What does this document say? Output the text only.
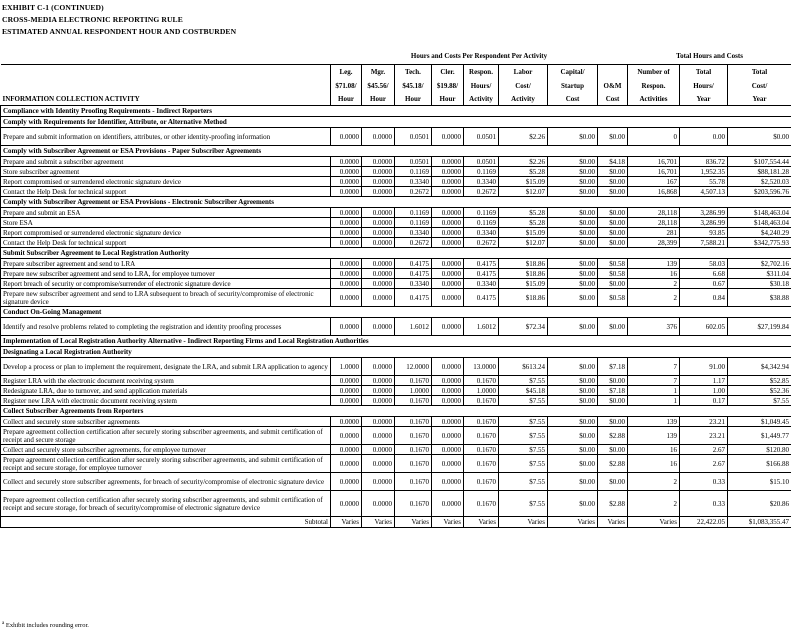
EXHIBIT C-1 (CONTINUED)
CROSS-MEDIA ELECTRONIC REPORTING RULE
ESTIMATED ANNUAL RESPONDENT HOUR AND COSTBURDEN
	Hours and Costs Per Respondent Per Activity								Total Hours and Costs		
	Leg.	Mgr.	Tech.	Cler.	Respon.	Labor	Capital/		Number of	Total	Total
	$71.08/	$45.56/	$45.18/	$19.88/	Hours/	Cost/	Startup	O&M	Respon.	Hours/	Cost/
INFORMATION COLLECTION ACTIVITY	Hour	Hour	Hour	Hour	Activity	Activity	Cost	Cost	Activities	Year	Year
Compliance with Identity Proofing Requirements - Indirect Reporters											
Comply with Requirements for Identifier, Attribute, or Alternative Method											
Prepare and submit information on identifiers, attributes, or other identity-proofing information	0.0000	0.0000	0.0501	0.0000	0.0501	$2.26	$0.00	$0.00	0	0.00	$0.00
Comply with Subscriber Agreement or ESA Provisions - Paper Subscriber Agreements											
Prepare and submit a subscriber agreement	0.0000	0.0000	0.0501	0.0000	0.0501	$2.26	$0.00	$4.18	16,701	836.72	$107,554.44
Store subscriber agreement	0.0000	0.0000	0.1169	0.0000	0.1169	$5.28	$0.00	$0.00	16,701	1,952.35	$88,181.28
Report compromised or surrendered electronic signature device	0.0000	0.0000	0.3340	0.0000	0.3340	$15.09	$0.00	$0.00	167	55.78	$2,520.03
Contact the Help Desk for technical support	0.0000	0.0000	0.2672	0.0000	0.2672	$12.07	$0.00	$0.00	16,868	4,507.13	$203,596.76
Comply with Subscriber Agreement or ESA Provisions - Electronic Subscriber Agreements											
Prepare and submit an ESA	0.0000	0.0000	0.1169	0.0000	0.1169	$5.28	$0.00	$0.00	28,118	3,286.99	$148,463.04
Store ESA	0.0000	0.0000	0.1169	0.0000	0.1169	$5.28	$0.00	$0.00	28,118	3,286.99	$148,463.04
Report compromised or surrendered electronic signature device	0.0000	0.0000	0.3340	0.0000	0.3340	$15.09	$0.00	$0.00	281	93.85	$4,240.29
Contact the Help Desk for technical support	0.0000	0.0000	0.2672	0.0000	0.2672	$12.07	$0.00	$0.00	28,399	7,588.21	$342,775.93
Submit Subscriber Agreement to Local Registration Authority											
Prepare subscriber agreement and send to LRA	0.0000	0.0000	0.4175	0.0000	0.4175	$18.86	$0.00	$0.58	139	58.03	$2,702.16
Prepare new subscriber agreement and send to LRA, for employee turnover	0.0000	0.0000	0.4175	0.0000	0.4175	$18.86	$0.00	$0.58	16	6.68	$311.04
Report breach of security or compromise/surrender of electronic signature device	0.0000	0.0000	0.3340	0.0000	0.3340	$15.09	$0.00	$0.00	2	0.67	$30.18
Prepare new subscriber agreement and send to LRA subsequent to breach of security/compromise of electronic signature device	0.0000	0.0000	0.4175	0.0000	0.4175	$18.86	$0.00	$0.58	2	0.84	$38.88
Conduct On-Going Management											
Identify and resolve problems related to completing the registration and identity proofing processes	0.0000	0.0000	1.6012	0.0000	1.6012	$72.34	$0.00	$0.00	376	602.05	$27,199.84
Implementation of Local Registration Authority Alternative - Indirect Reporting Firms and Local Registration Authorities											
Designating a Local Registration Authority											
Develop a process or plan to implement the requirement, designate the LRA, and submit LRA application to agency	1.0000	0.0000	12.0000	0.0000	13.0000	$613.24	$0.00	$7.18	7	91.00	$4,342.94
Register LRA with the electronic document receiving system	0.0000	0.0000	0.1670	0.0000	0.1670	$7.55	$0.00	$0.00	7	1.17	$52.85
Redesignate LRA, due to turnover, and send application materials	0.0000	0.0000	1.0000	0.0000	1.0000	$45.18	$0.00	$7.18	1	1.00	$52.36
Register new LRA with electronic document receiving system	0.0000	0.0000	0.1670	0.0000	0.1670	$7.55	$0.00	$0.00	1	0.17	$7.55
Collect Subscriber Agreements from Reporters											
Collect and securely store subscriber agreements	0.0000	0.0000	0.1670	0.0000	0.1670	$7.55	$0.00	$0.00	139	23.21	$1,049.45
Prepare agreement collection certification after securely storing subscriber agreements, and submit certification of receipt and secure storage	0.0000	0.0000	0.1670	0.0000	0.1670	$7.55	$0.00	$2.88	139	23.21	$1,449.77
Collect and securely store subscriber agreements, for employee turnover	0.0000	0.0000	0.1670	0.0000	0.1670	$7.55	$0.00	$0.00	16	2.67	$120.80
Prepare agreement collection certification after securely storing subscriber agreements, and submit certification of receipt and secure storage, for employee turnover	0.0000	0.0000	0.1670	0.0000	0.1670	$7.55	$0.00	$2.88	16	2.67	$166.88
Collect and securely store subscriber agreements, for breach of security/compromise of electronic signature device	0.0000	0.0000	0.1670	0.0000	0.1670	$7.55	$0.00	$0.00	2	0.33	$15.10
Prepare agreement collection certification after securely storing subscriber agreements, and submit certification of receipt and secure storage, for breach of security/compromise of electronic signature device	0.0000	0.0000	0.1670	0.0000	0.1670	$7.55	$0.00	$2.88	2	0.33	$20.86
Subtotal	Varies	Varies	Varies	Varies	Varies	Varies	Varies	Varies	Varies	22,422.05	$1,083,355.47
$^a$ Exhibit includes rounding error.
